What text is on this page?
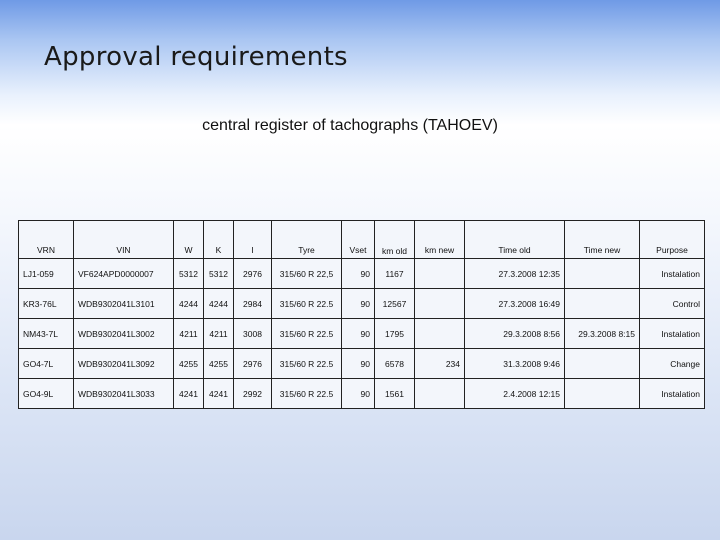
Approval requirements
central register of tachographs (TAHOEV)
VRN	VIN	W	K	I	Tyre	Vset	km old	km new	Time old	Time new	Purpose
LJ1-059	VF624APD0000007	5312	5312	2976	315/60 R 22,5	90	1167		27.3.2008 12:35		Instalation
KR3-76L	WDB9302041L3101	4244	4244	2984	315/60 R 22.5	90	12567		27.3.2008 16:49		Control
NM43-7L	WDB9302041L3002	4211	4211	3008	315/60 R 22.5	90	1795		29.3.2008 8:56	29.3.2008 8:15	Instalation
GO4-7L	WDB9302041L3092	4255	4255	2976	315/60 R 22.5	90	6578	234	31.3.2008 9:46		Change
GO4-9L	WDB9302041L3033	4241	4241	2992	315/60 R 22.5	90	1561		2.4.2008 12:15		Instalation
